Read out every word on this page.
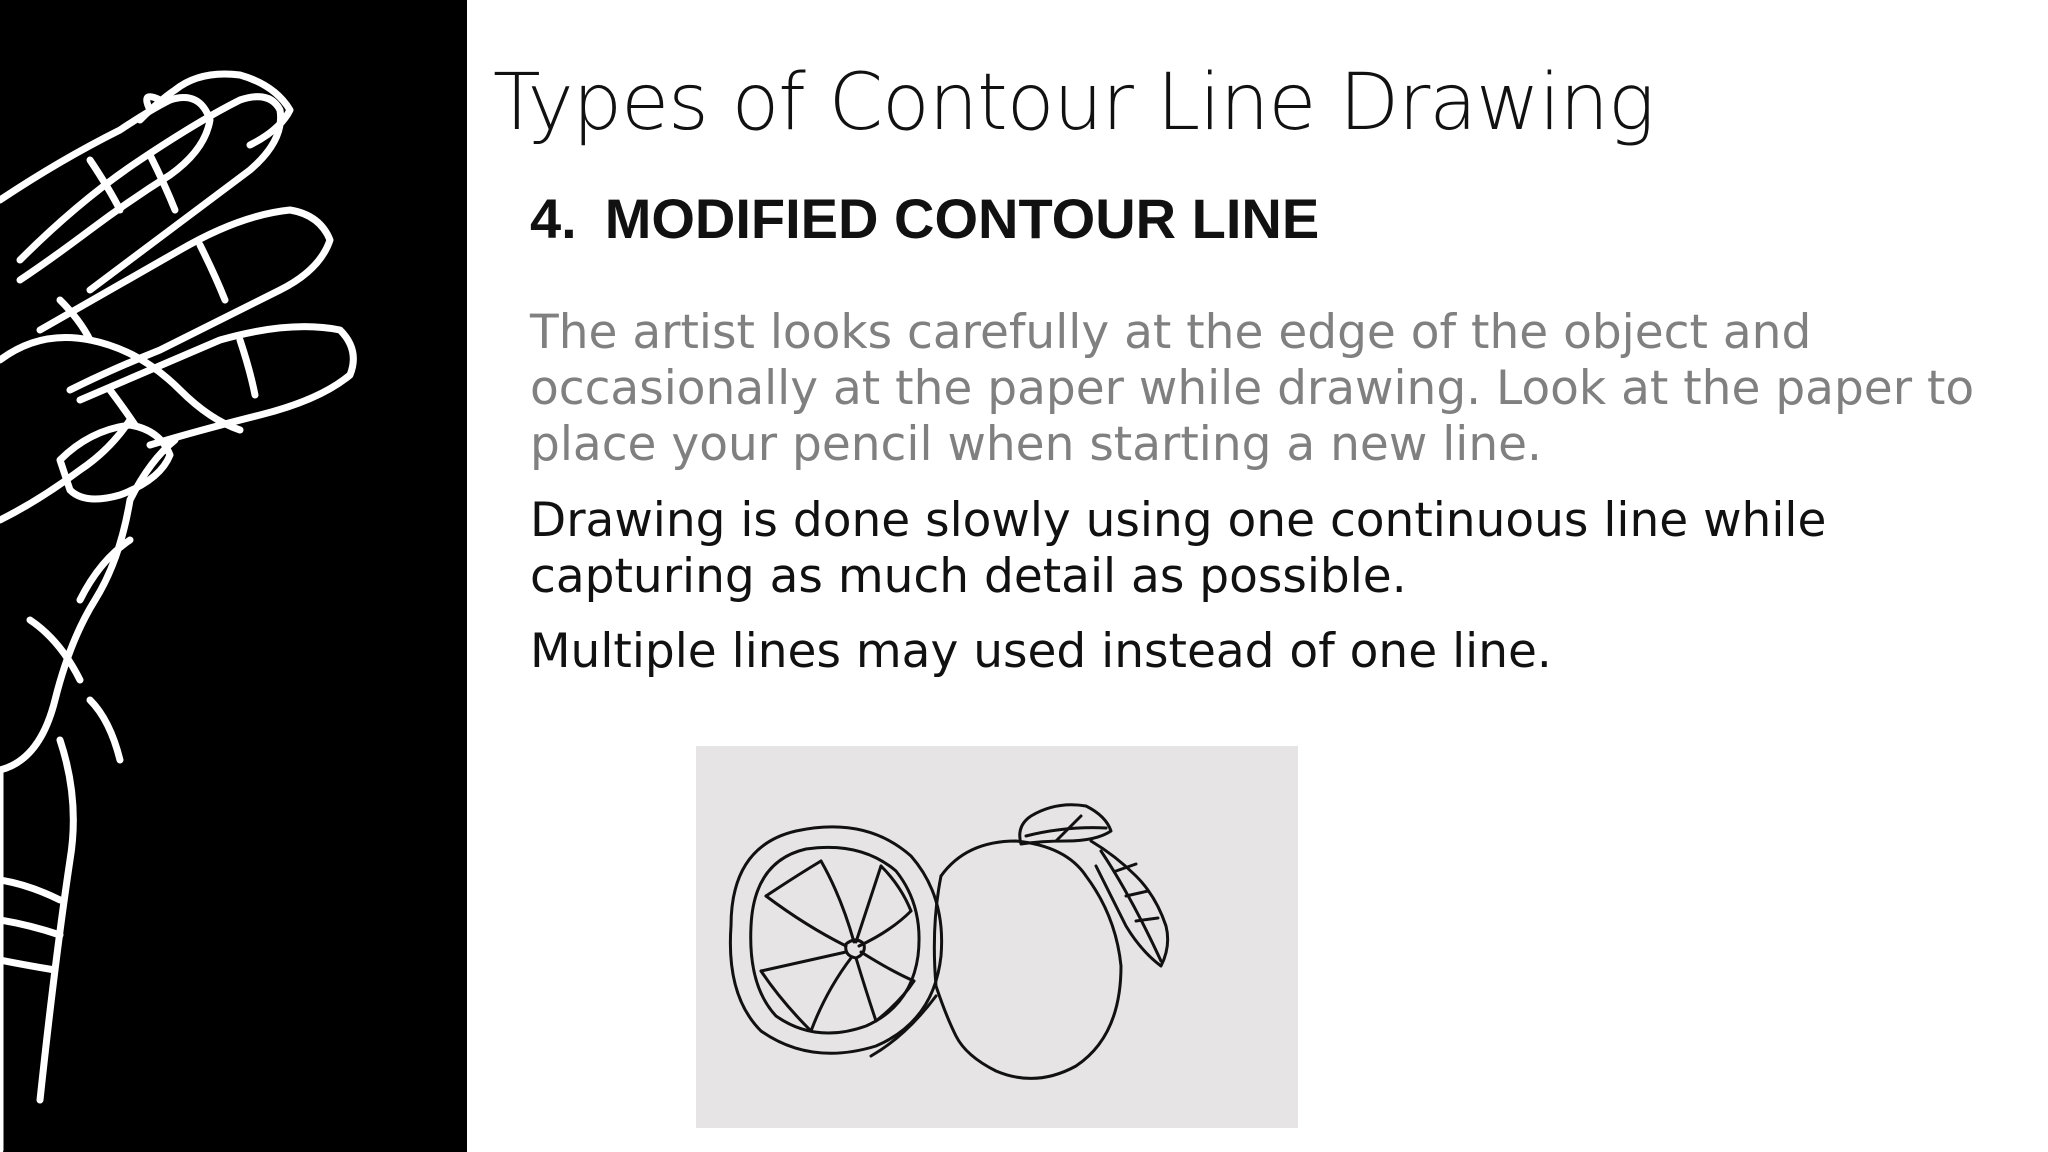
Types of Contour Line Drawing
4. MODIFIED CONTOUR LINE

The artist looks carefully at the edge of the object and occasionally at the paper while drawing. Look at the paper to place your pencil when starting a new line.

Drawing is done slowly using one continuous line while capturing as much detail as possible.

Multiple lines may used instead of one line.
